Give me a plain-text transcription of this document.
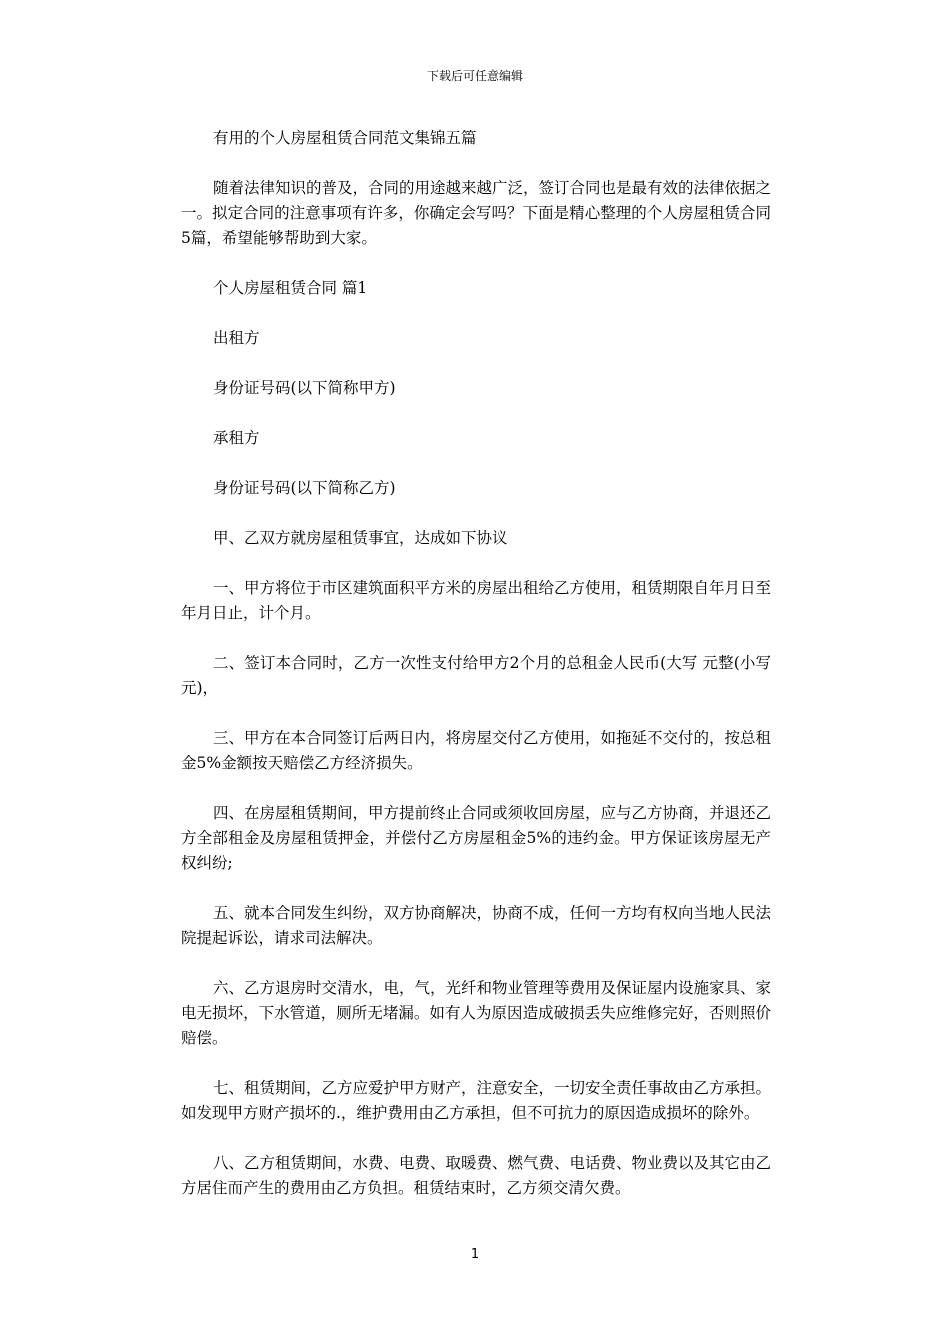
下载后可任意编辑

有用的个人房屋租赁合同范文集锦五篇

随着法律知识的普及，合同的用途越来越广泛，签订合同也是最有效的法律依据之一。拟定合同的注意事项有许多，你确定会写吗？下面是精心整理的个人房屋租赁合同5篇，希望能够帮助到大家。

个人房屋租赁合同 篇1

出租方

身份证号码(以下简称甲方)

承租方

身份证号码(以下简称乙方)

甲、乙双方就房屋租赁事宜，达成如下协议

一、甲方将位于市区建筑面积平方米的房屋出租给乙方使用，租赁期限自年月日至年月日止，计个月。

二、签订本合同时，乙方一次性支付给甲方2个月的总租金人民币(大写 元整(小写 元)，

三、甲方在本合同签订后两日内，将房屋交付乙方使用，如拖延不交付的，按总租金5%金额按天赔偿乙方经济损失。

四、在房屋租赁期间，甲方提前终止合同或须收回房屋，应与乙方协商，并退还乙方全部租金及房屋租赁押金，并偿付乙方房屋租金5%的违约金。甲方保证该房屋无产权纠纷;

五、就本合同发生纠纷，双方协商解决，协商不成，任何一方均有权向当地人民法院提起诉讼，请求司法解决。

六、乙方退房时交清水，电，气，光纤和物业管理等费用及保证屋内设施家具、家电无损坏，下水管道，厕所无堵漏。如有人为原因造成破损丢失应维修完好，否则照价赔偿。

七、租赁期间，乙方应爱护甲方财产，注意安全，一切安全责任事故由乙方承担。如发现甲方财产损坏的.，维护费用由乙方承担，但不可抗力的原因造成损坏的除外。

八、乙方租赁期间，水费、电费、取暖费、燃气费、电话费、物业费以及其它由乙方居住而产生的费用由乙方负担。租赁结束时，乙方须交清欠费。

1
